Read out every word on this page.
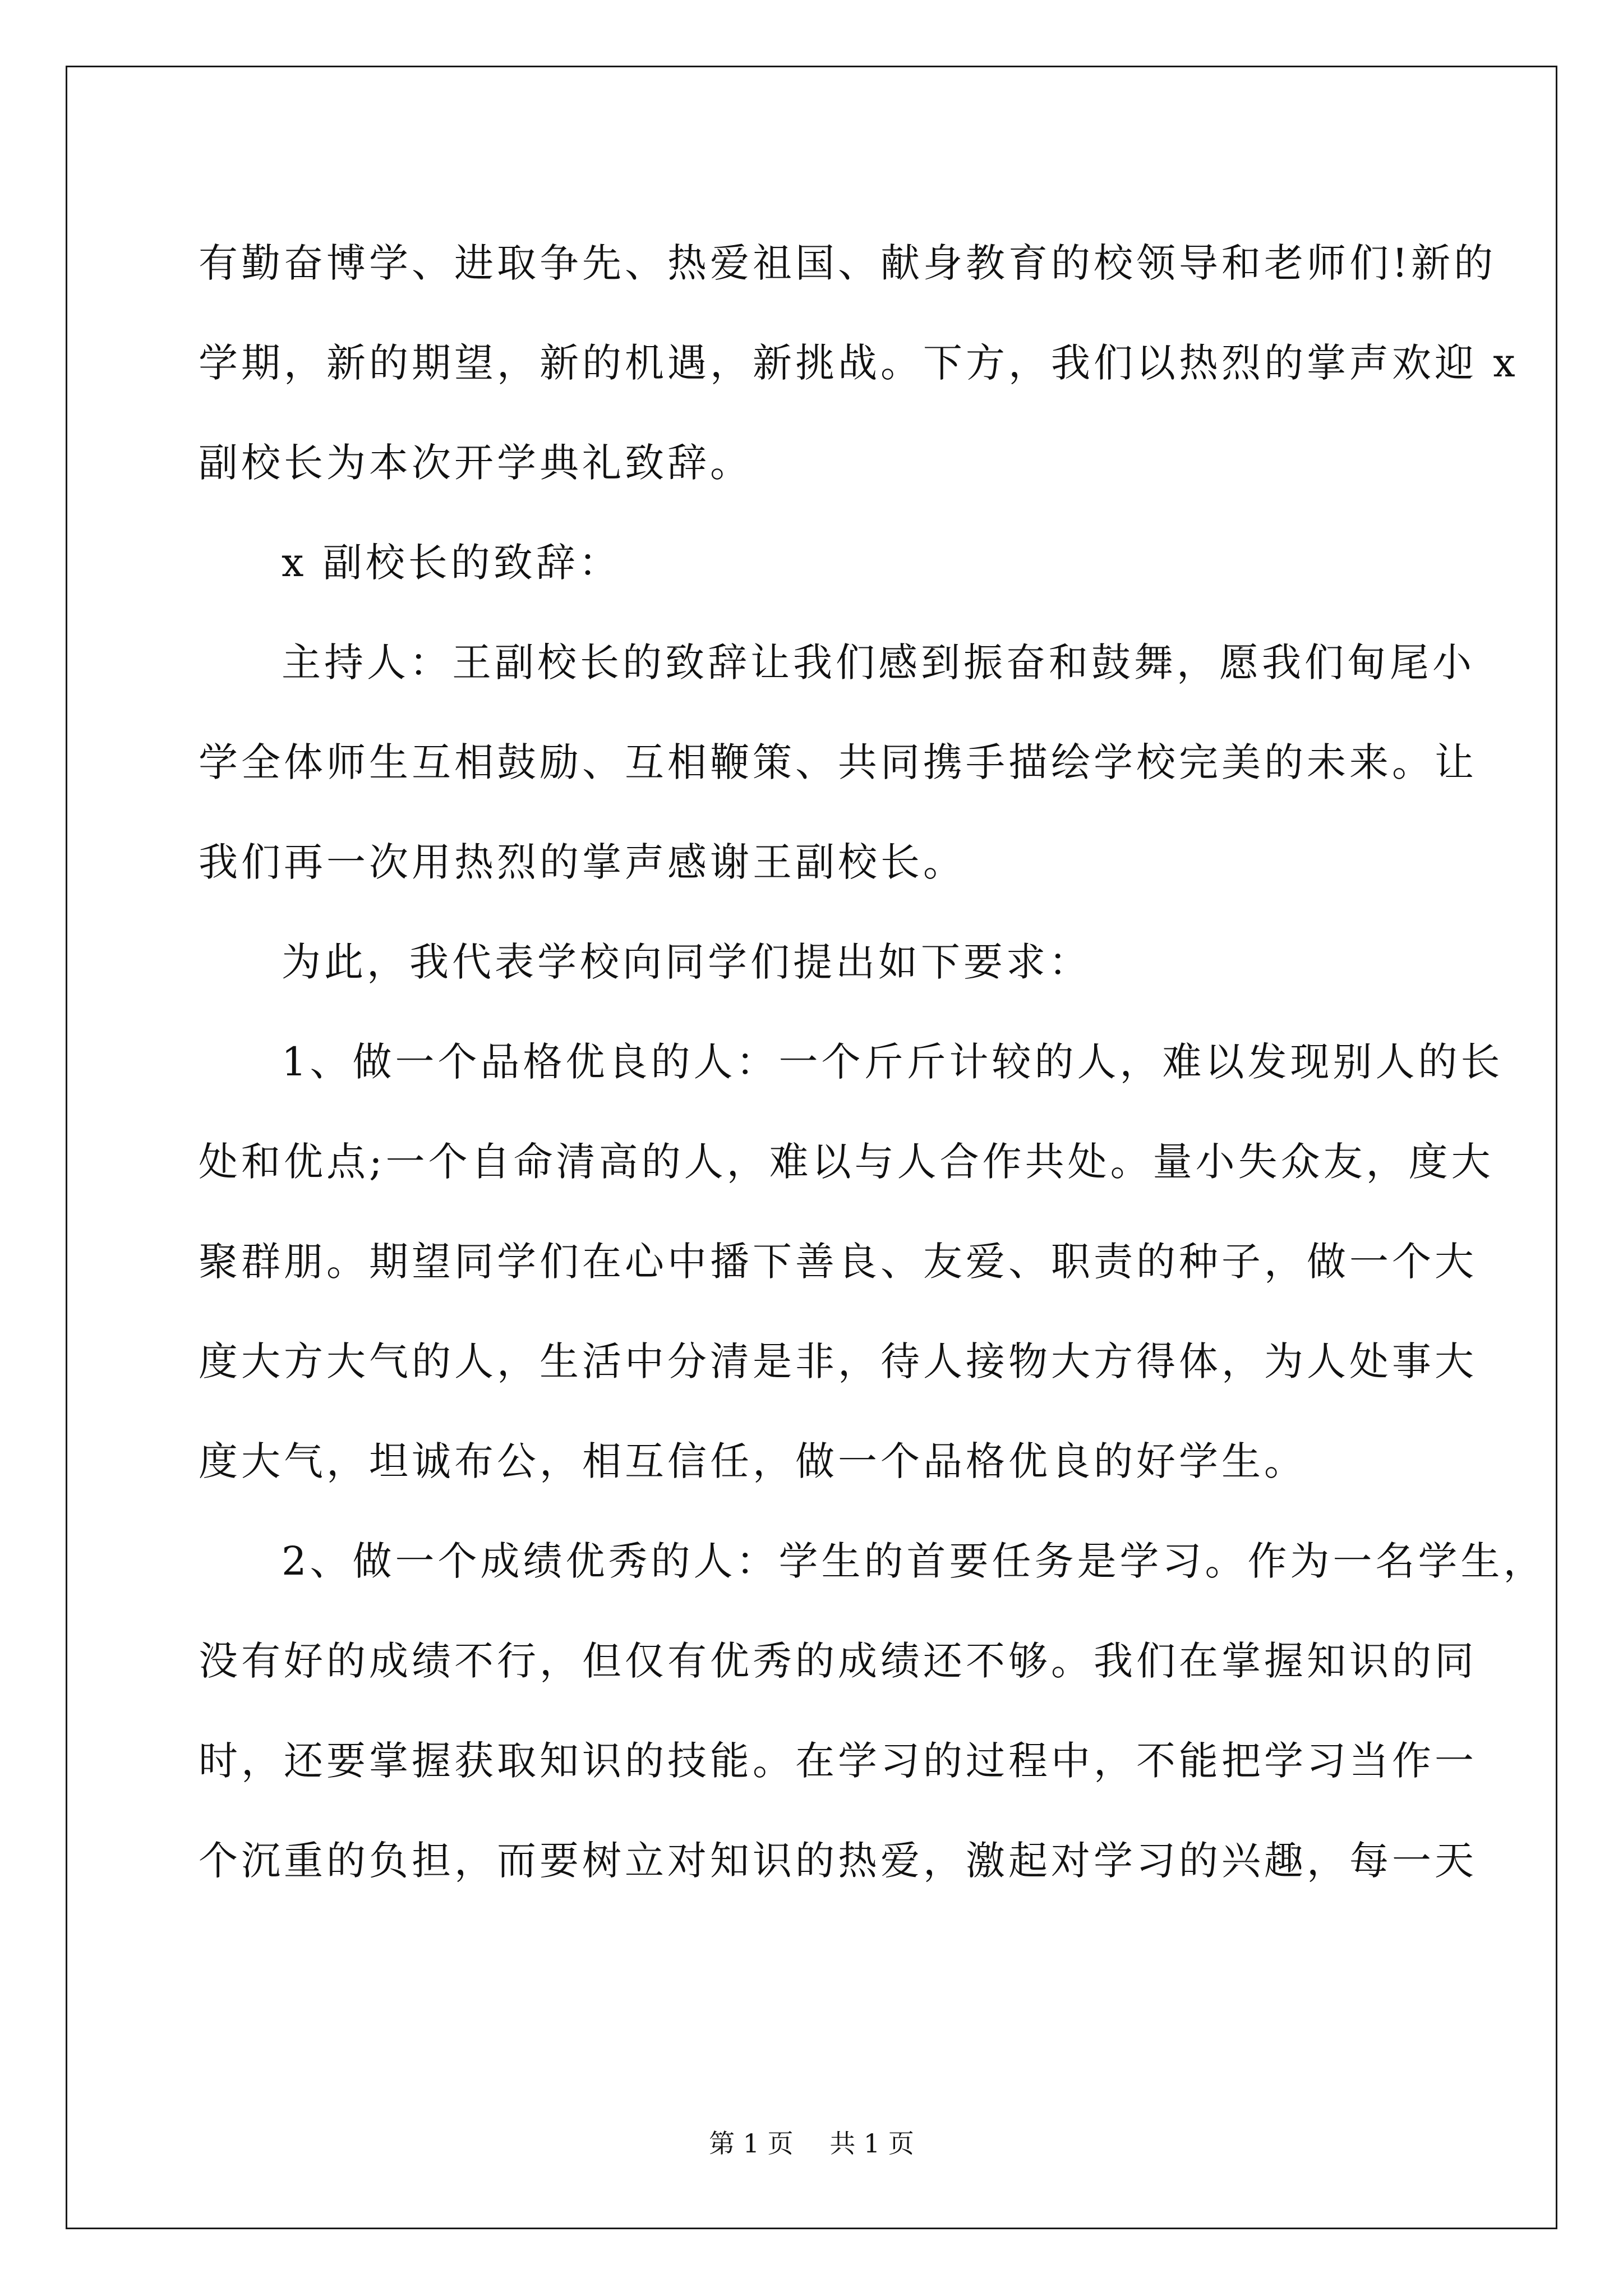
有勤奋博学、进取争先、热爱祖国、献身教育的校领导和老师们!新的
学期，新的期望，新的机遇，新挑战。下方，我们以热烈的掌声欢迎 x
副校长为本次开学典礼致辞。
x 副校长的致辞：
主持人：王副校长的致辞让我们感到振奋和鼓舞，愿我们甸尾小
学全体师生互相鼓励、互相鞭策、共同携手描绘学校完美的未来。让
我们再一次用热烈的掌声感谢王副校长。
为此，我代表学校向同学们提出如下要求：
1、做一个品格优良的人：一个斤斤计较的人，难以发现别人的长
处和优点;一个自命清高的人，难以与人合作共处。量小失众友，度大
聚群朋。期望同学们在心中播下善良、友爱、职责的种子，做一个大
度大方大气的人，生活中分清是非，待人接物大方得体，为人处事大
度大气，坦诚布公，相互信任，做一个品格优良的好学生。
2、做一个成绩优秀的人：学生的首要任务是学习。作为一名学生，
没有好的成绩不行，但仅有优秀的成绩还不够。我们在掌握知识的同
时，还要掌握获取知识的技能。在学习的过程中，不能把学习当作一
个沉重的负担，而要树立对知识的热爱，激起对学习的兴趣，每一天
第 1 页 共 1 页
